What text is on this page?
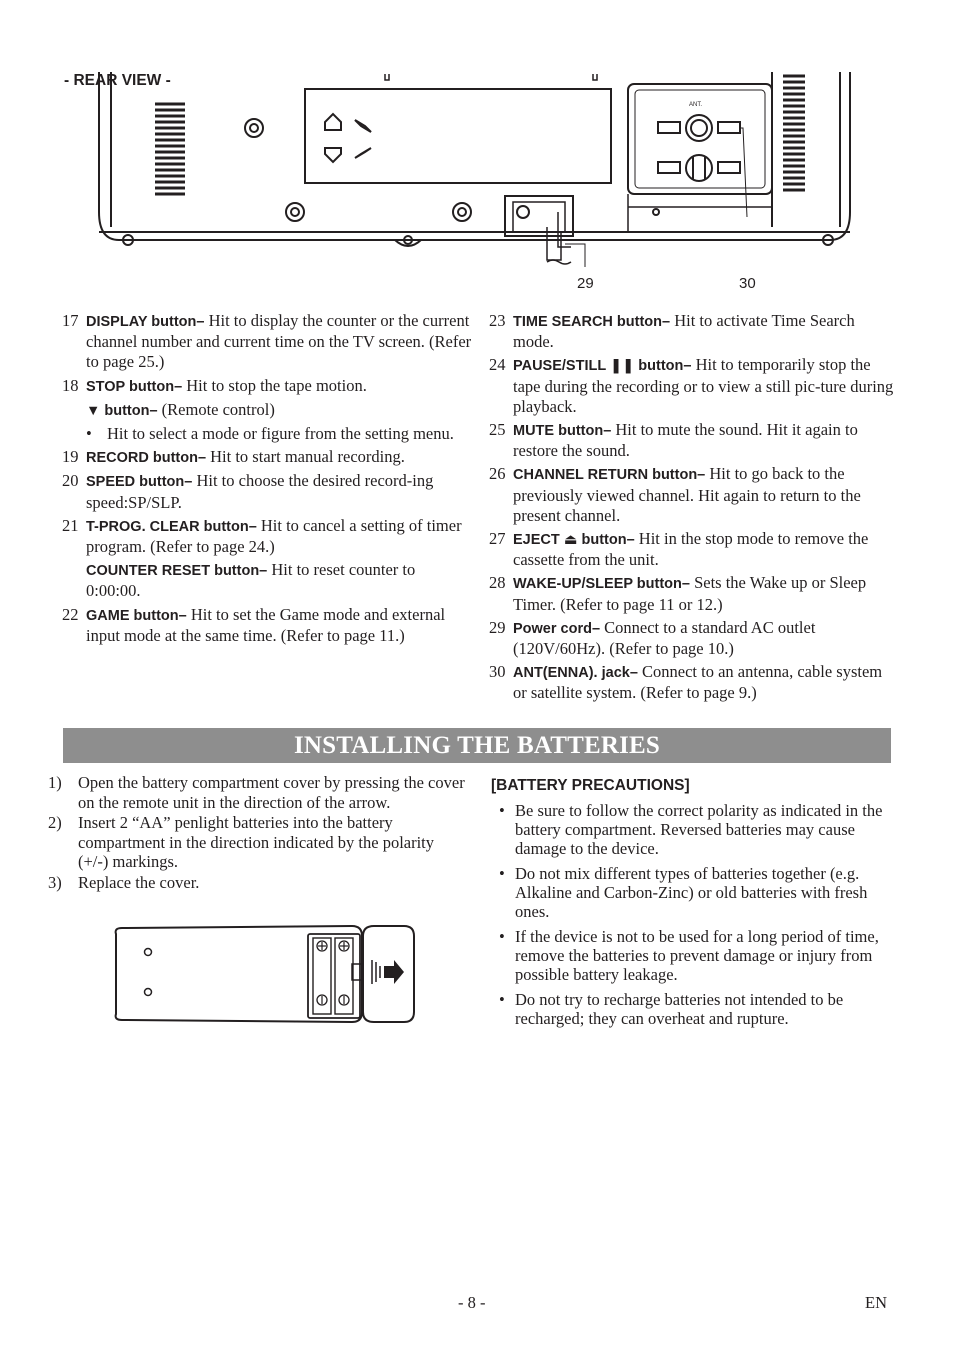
- REAR VIEW -
ANT.
29	30
17 DISPLAY button– Hit to display the counter or the current channel number and current time on the TV screen. (Refer to page 25.)
18 STOP button– Hit to stop the tape motion.
▼ button– (Remote control)
• Hit to select a mode or figure from the setting menu.
19 RECORD button– Hit to start manual recording.
20 SPEED button– Hit to choose the desired record-ing speed:SP/SLP.
21 T-PROG. CLEAR button– Hit to cancel a setting of timer program. (Refer to page 24.)
COUNTER RESET button– Hit to reset counter to 0:00:00.
22 GAME button– Hit to set the Game mode and external input mode at the same time. (Refer to page 11.)
23 TIME SEARCH button– Hit to activate Time Search mode.
24 PAUSE/STILL ❚❚ button– Hit to temporarily stop the tape during the recording or to view a still pic-ture during playback.
25 MUTE button– Hit to mute the sound. Hit it again to restore the sound.
26 CHANNEL RETURN button– Hit to go back to the previously viewed channel. Hit again to return to the present channel.
27 EJECT ⏏ button– Hit in the stop mode to remove the cassette from the unit.
28 WAKE-UP/SLEEP button– Sets the Wake up or Sleep Timer. (Refer to page 11 or 12.)
29 Power cord– Connect to a standard AC outlet (120V/60Hz). (Refer to page 10.)
30 ANT(ENNA). jack– Connect to an antenna, cable system or satellite system. (Refer to page 9.)
INSTALLING THE BATTERIES
1) Open the battery compartment cover by pressing the cover on the remote unit in the direction of the arrow.
2) Insert 2 “AA” penlight batteries into the battery compartment in the direction indicated by the polarity (+/-) markings.
3) Replace the cover.
[BATTERY PRECAUTIONS]
• Be sure to follow the correct polarity as indicated in the battery compartment. Reversed batteries may cause damage to the device.
• Do not mix different types of batteries together (e.g. Alkaline and Carbon-Zinc) or old batteries with fresh ones.
• If the device is not to be used for a long period of time, remove the batteries to prevent damage or injury from possible battery leakage.
• Do not try to recharge batteries not intended to be recharged; they can overheat and rupture.
- 8 -	EN
